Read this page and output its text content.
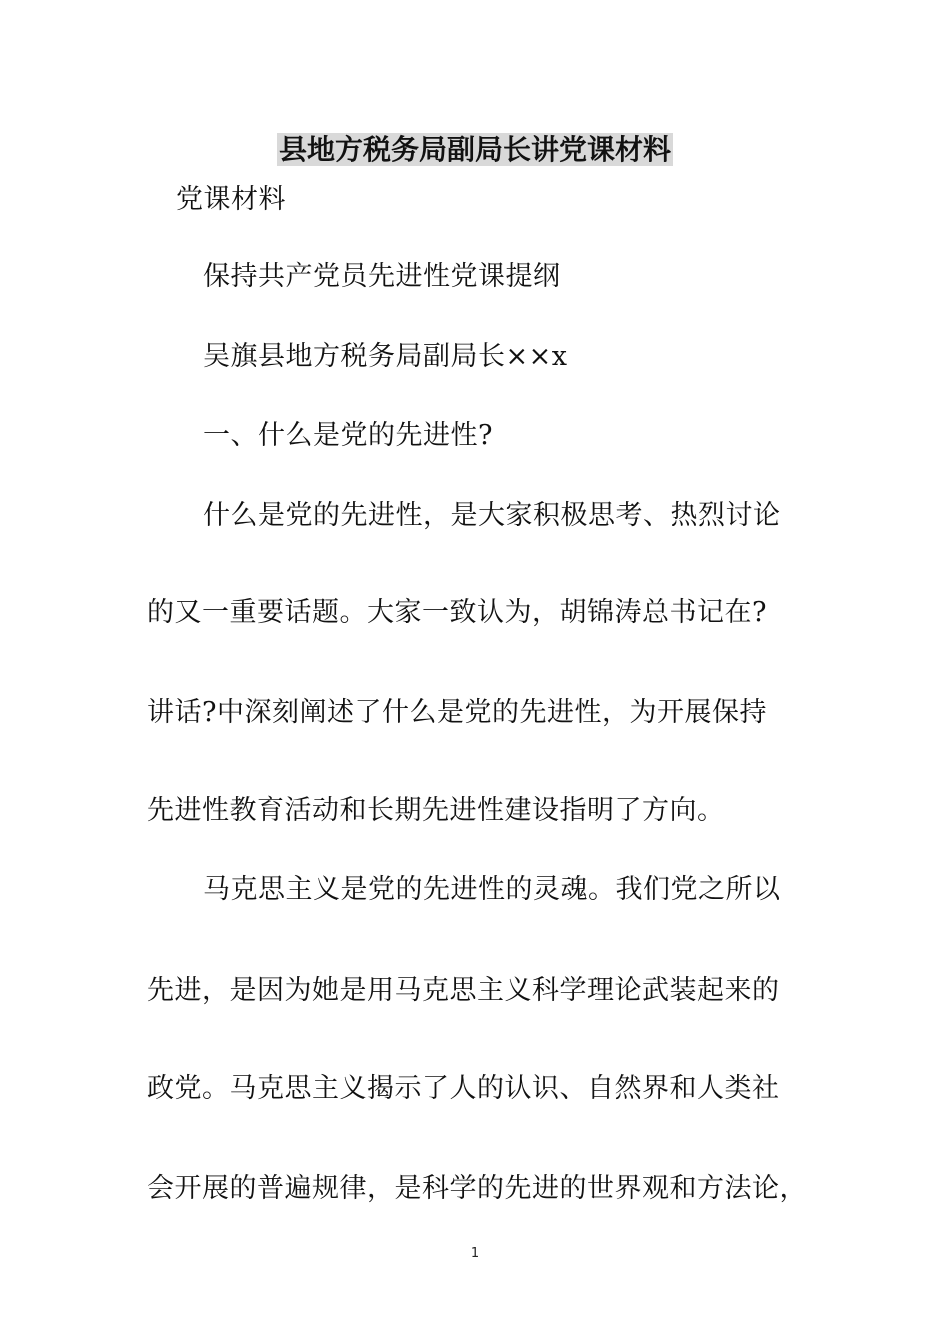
县地方税务局副局长讲党课材料
党课材料
保持共产党员先进性党课提纲
吴旗县地方税务局副局长××x
一、什么是党的先进性?
什么是党的先进性，是大家积极思考、热烈讨论
的又一重要话题。大家一致认为，胡锦涛总书记在?
讲话?中深刻阐述了什么是党的先进性，为开展保持
先进性教育活动和长期先进性建设指明了方向。
马克思主义是党的先进性的灵魂。我们党之所以
先进，是因为她是用马克思主义科学理论武装起来的
政党。马克思主义揭示了人的认识、自然界和人类社
会开展的普遍规律，是科学的先进的世界观和方法论，
1
